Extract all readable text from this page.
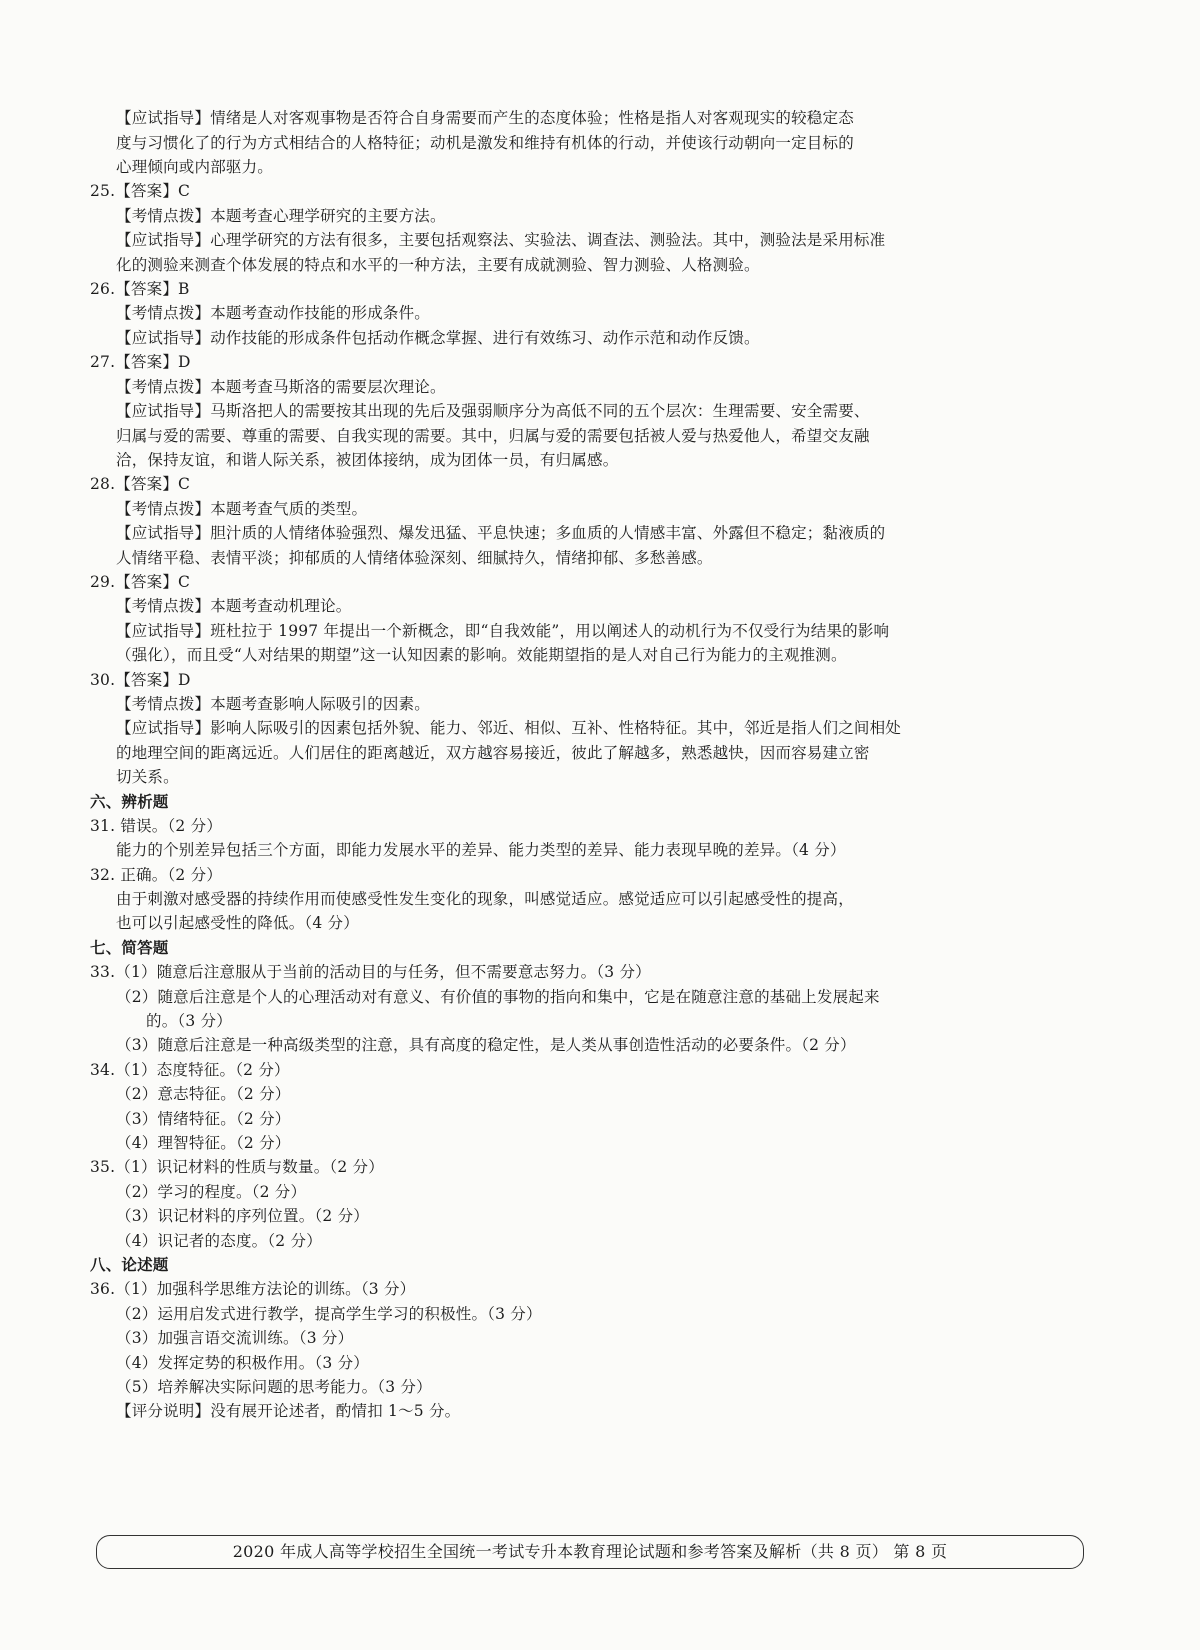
【应试指导】情绪是人对客观事物是否符合自身需要而产生的态度体验；性格是指人对客观现实的较稳定态
度与习惯化了的行为方式相结合的人格特征；动机是激发和维持有机体的行动，并使该行动朝向一定目标的
心理倾向或内部驱力。
25.【答案】C
【考情点拨】本题考查心理学研究的主要方法。
【应试指导】心理学研究的方法有很多，主要包括观察法、实验法、调查法、测验法。其中，测验法是采用标准
化的测验来测查个体发展的特点和水平的一种方法，主要有成就测验、智力测验、人格测验。
26.【答案】B
【考情点拨】本题考查动作技能的形成条件。
【应试指导】动作技能的形成条件包括动作概念掌握、进行有效练习、动作示范和动作反馈。
27.【答案】D
【考情点拨】本题考查马斯洛的需要层次理论。
【应试指导】马斯洛把人的需要按其出现的先后及强弱顺序分为高低不同的五个层次：生理需要、安全需要、
归属与爱的需要、尊重的需要、自我实现的需要。其中，归属与爱的需要包括被人爱与热爱他人，希望交友融
洽，保持友谊，和谐人际关系，被团体接纳，成为团体一员，有归属感。
28.【答案】C
【考情点拨】本题考查气质的类型。
【应试指导】胆汁质的人情绪体验强烈、爆发迅猛、平息快速；多血质的人情感丰富、外露但不稳定；黏液质的
人情绪平稳、表情平淡；抑郁质的人情绪体验深刻、细腻持久，情绪抑郁、多愁善感。
29.【答案】C
【考情点拨】本题考查动机理论。
【应试指导】班杜拉于 1997 年提出一个新概念，即“自我效能”，用以阐述人的动机行为不仅受行为结果的影响
（强化），而且受“人对结果的期望”这一认知因素的影响。效能期望指的是人对自己行为能力的主观推测。
30.【答案】D
【考情点拨】本题考查影响人际吸引的因素。
【应试指导】影响人际吸引的因素包括外貌、能力、邻近、相似、互补、性格特征。其中，邻近是指人们之间相处
的地理空间的距离远近。人们居住的距离越近，双方越容易接近，彼此了解越多，熟悉越快，因而容易建立密
切关系。
六、辨析题
31. 错误。（2 分）
能力的个别差异包括三个方面，即能力发展水平的差异、能力类型的差异、能力表现早晚的差异。（4 分）
32. 正确。（2 分）
由于刺激对感受器的持续作用而使感受性发生变化的现象，叫感觉适应。感觉适应可以引起感受性的提高，
也可以引起感受性的降低。（4 分）
七、简答题
33.（1）随意后注意服从于当前的活动目的与任务，但不需要意志努力。（3 分）
（2）随意后注意是个人的心理活动对有意义、有价值的事物的指向和集中，它是在随意注意的基础上发展起来
的。（3 分）
（3）随意后注意是一种高级类型的注意，具有高度的稳定性，是人类从事创造性活动的必要条件。（2 分）
34.（1）态度特征。（2 分）
（2）意志特征。（2 分）
（3）情绪特征。（2 分）
（4）理智特征。（2 分）
35.（1）识记材料的性质与数量。（2 分）
（2）学习的程度。（2 分）
（3）识记材料的序列位置。（2 分）
（4）识记者的态度。（2 分）
八、论述题
36.（1）加强科学思维方法论的训练。（3 分）
（2）运用启发式进行教学，提高学生学习的积极性。（3 分）
（3）加强言语交流训练。（3 分）
（4）发挥定势的积极作用。（3 分）
（5）培养解决实际问题的思考能力。（3 分）
【评分说明】没有展开论述者，酌情扣 1～5 分。
2020 年成人高等学校招生全国统一考试专升本教育理论试题和参考答案及解析（共 8 页） 第 8 页
